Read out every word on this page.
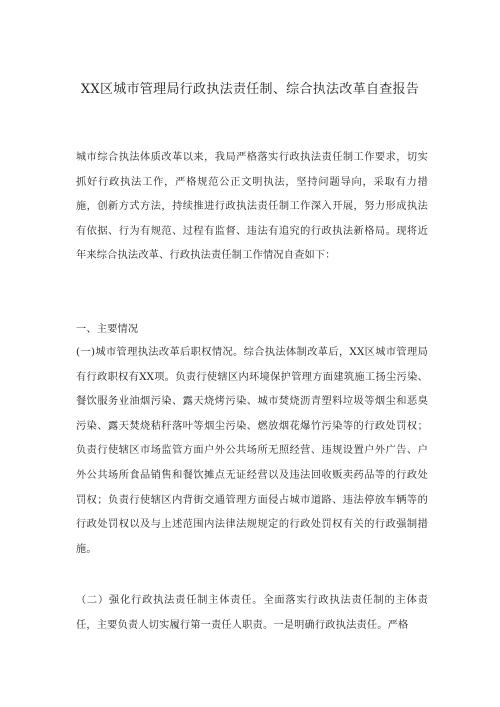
XX区城市管理局行政执法责任制、综合执法改革自查报告
城市综合执法体质改革以来，我局严格落实行政执法责任制工作要求，切实抓好行政执法工作，严格规范公正文明执法，坚持问题导向，采取有力措施，创新方式方法，持续推进行政执法责任制工作深入开展，努力形成执法有依据、行为有规范、过程有监督、违法有追究的行政执法新格局。现将近年来综合执法改革、行政执法责任制工作情况自查如下：
一、主要情况
(一)城市管理执法改革后职权情况。综合执法体制改革后，XX区城市管理局有行政职权有XX项。负责行使辖区内环境保护管理方面建筑施工扬尘污染、餐饮服务业油烟污染、露天烧烤污染、城市焚烧沥青塑料垃圾等烟尘和恶臭污染、露天焚烧秸秆落叶等烟尘污染、燃放烟花爆竹污染等的行政处罚权；负责行使辖区市场监管方面户外公共场所无照经营、违规设置户外广告、户外公共场所食品销售和餐饮摊点无证经营以及违法回收贩卖药品等的行政处罚权；负责行使辖区内背街交通管理方面侵占城市道路、违法停放车辆等的行政处罚权以及与上述范围内法律法规规定的行政处罚权有关的行政强制措施。
（二）强化行政执法责任制主体责任。全面落实行政执法责任制的主体责任，主要负责人切实履行第一责任人职责。一是明确行政执法责任。严格
